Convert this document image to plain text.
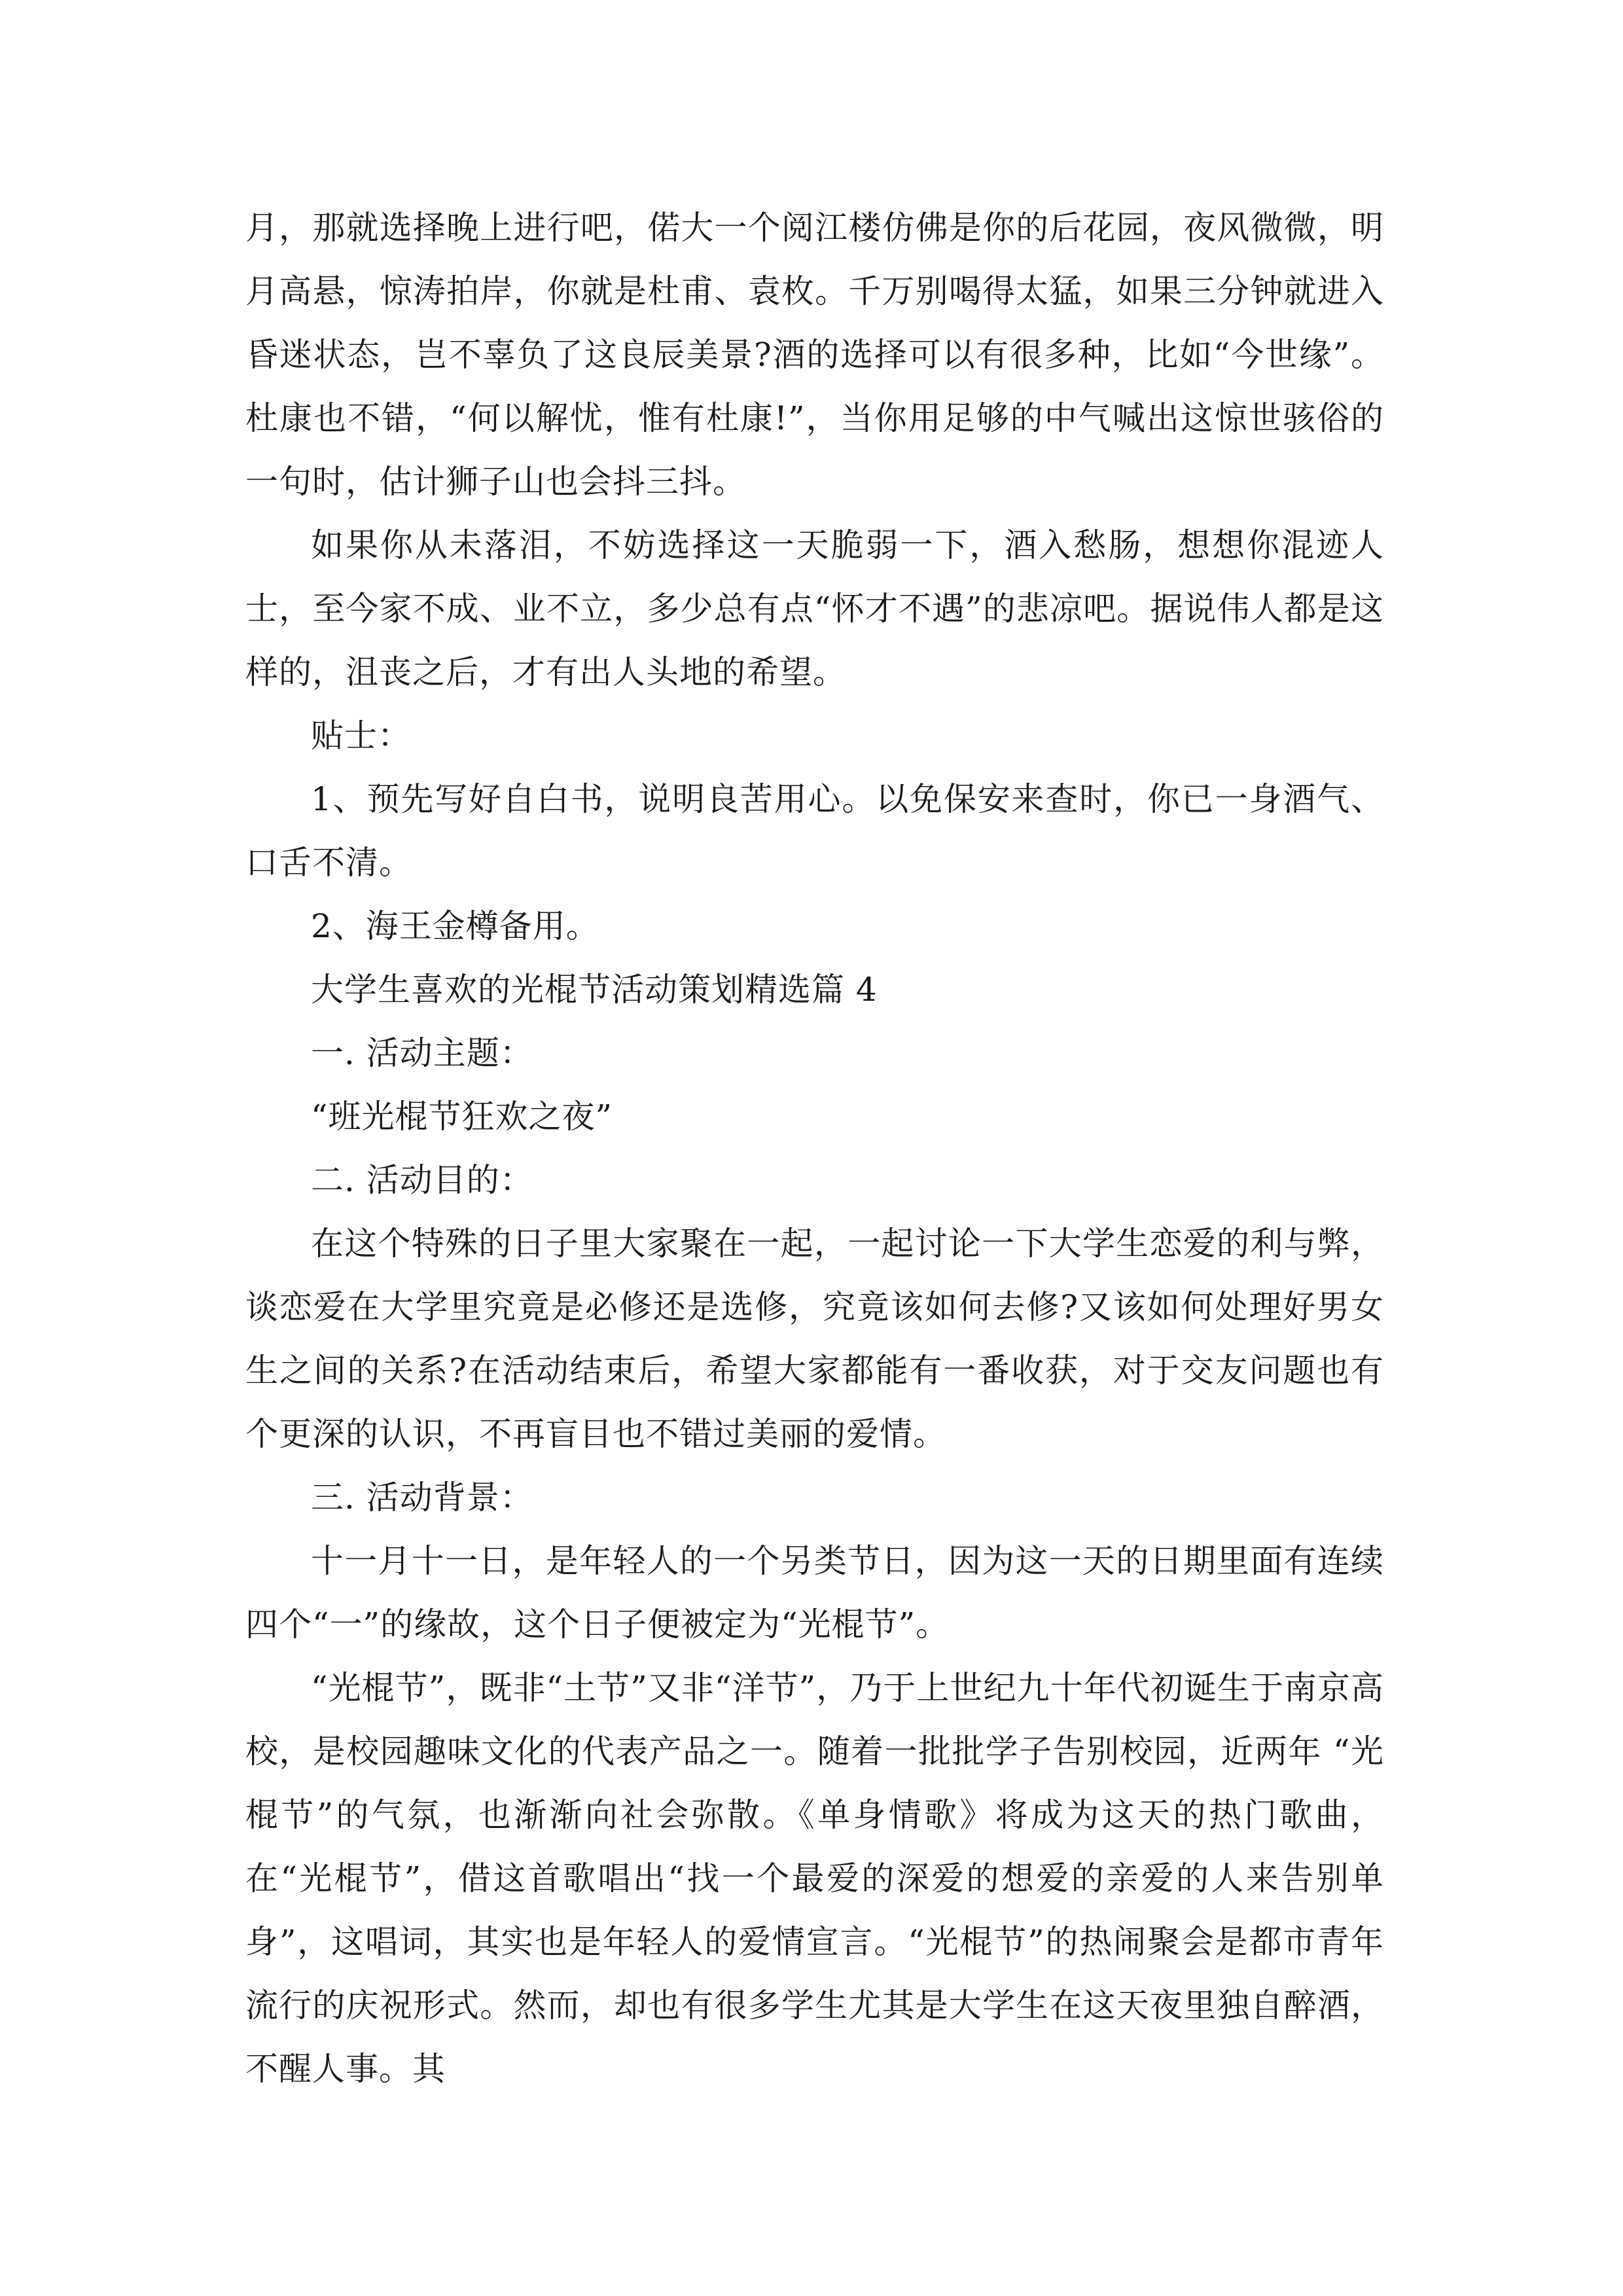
月，那就选择晚上进行吧，偌大一个阅江楼仿佛是你的后花园，夜风微微，明月高悬，惊涛拍岸，你就是杜甫、袁枚。千万别喝得太猛，如果三分钟就进入昏迷状态，岂不辜负了这良辰美景?酒的选择可以有很多种，比如“今世缘”。杜康也不错，“何以解忧，惟有杜康!”，当你用足够的中气喊出这惊世骇俗的一句时，估计狮子山也会抖三抖。

如果你从未落泪，不妨选择这一天脆弱一下，酒入愁肠，想想你混迹人士，至今家不成、业不立，多少总有点“怀才不遇”的悲凉吧。据说伟人都是这样的，沮丧之后，才有出人头地的希望。

贴士：

1、预先写好自白书，说明良苦用心。以免保安来查时，你已一身酒气、口舌不清。

2、海王金樽备用。

大学生喜欢的光棍节活动策划精选篇 4

一. 活动主题：

“班光棍节狂欢之夜”

二. 活动目的：

在这个特殊的日子里大家聚在一起，一起讨论一下大学生恋爱的利与弊，谈恋爱在大学里究竟是必修还是选修，究竟该如何去修?又该如何处理好男女生之间的关系?在活动结束后，希望大家都能有一番收获，对于交友问题也有个更深的认识，不再盲目也不错过美丽的爱情。

三. 活动背景：

十一月十一日，是年轻人的一个另类节日，因为这一天的日期里面有连续四个“一”的缘故，这个日子便被定为“光棍节”。

“光棍节”，既非“土节”又非“洋节”，乃于上世纪九十年代初诞生于南京高校，是校园趣味文化的代表产品之一。随着一批批学子告别校园，近两年 “光棍节”的气氛，也渐渐向社会弥散。《单身情歌》将成为这天的热门歌曲，在“光棍节”，借这首歌唱出“找一个最爱的深爱的想爱的亲爱的人来告别单身”，这唱词，其实也是年轻人的爱情宣言。“光棍节”的热闹聚会是都市青年流行的庆祝形式。然而，却也有很多学生尤其是大学生在这天夜里独自醉酒，不醒人事。其
